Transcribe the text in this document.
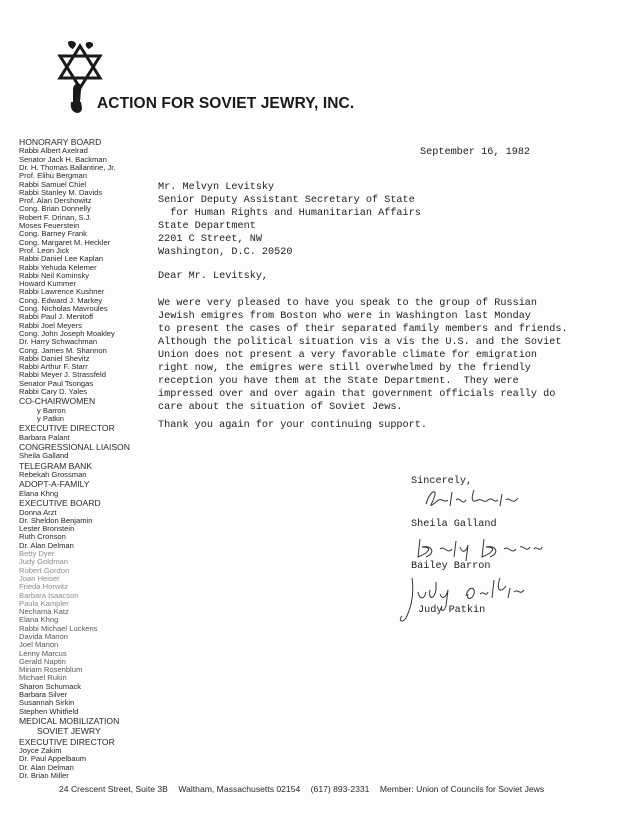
ACTION FOR SOVIET JEWRY, INC.
HONORARY BOARD
Rabbi Albert Axelrad
Senator Jack H. Backman
Dr. H. Thomas Ballantine, Jr.
Prof. Elihu Bergman
Rabbi Samuel Chiel
Rabbi Stanley M. Davids
Prof. Alan Dershowitz
Cong. Brian Donnelly
Robert F. Drinan, S.J.
Moses Feuerstein
Cong. Barney Frank
Cong. Margaret M. Heckler
Prof. Leon Jick
Rabbi Daniel Lee Kaplan
Rabbi Yehuda Kelemer
Rabbi Neil Kominsky
Howard Kummer
Rabbi Lawrence Kushner
Cong. Edward J. Markey
Cong. Nicholas Mavroules
Rabbi Paul J. Menitoff
Rabbi Joel Meyers
Cong. John Joseph Moakley
Dr. Harry Schwachman
Cong. James M. Shannon
Rabbi Daniel Shevitz
Rabbi Arthur F. Starr
Rabbi Meyer J. Strassfeld
Senator Paul Tsongas
Rabbi Cary D. Yales
CO-CHAIRWOMEN
y Barron
y Patkin
EXECUTIVE DIRECTOR
Barbara Palant
CONGRESSIONAL LIAISON
Sheila Galland
TELEGRAM BANK
Rebekah Grossman
ADOPT-A-FAMILY
Elana Khng
EXECUTIVE BOARD
Donna Arzt
Dr. Sheldon Benjamin
Lester Bronstein
Ruth Cronson
Dr. Alan Delman
Betty Dyer
Judy Goldman
Robert Gordon
Joan Heiser
Frieda Horwitz
Barbara Isaacson
Paula Kampler
Nechama Katz
Elana Khng
Rabbi Michael Luckens
Davida Manon
Joel Manon
Lenny Marcus
Gerald Naptin
Miriam Rosenblum
Michael Rukin
Sharon Schumack
Barbara Silver
Susannah Sirkin
Stephen Whitfield
MEDICAL MOBILIZATION
SOVIET JEWRY
EXECUTIVE DIRECTOR
Joyce Zakim
Dr. Paul Appelbaum
Dr. Alan Delman
Dr. Brian Miller
September 16, 1982
Mr. Melvyn Levitsky
Senior Deputy Assistant Secretary of State
for Human Rights and Humanitarian Affairs
State Department
2201 C Street, NW
Washington, D.C. 20520
Dear Mr. Levitsky,
We were very pleased to have you speak to the group of Russian
Jewish emigres from Boston who were in Washington last Monday
to present the cases of their separated family members and friends.
Although the political situation vis a vis the U.S. and the Soviet
Union does not present a very favorable climate for emigration
right now, the emigres were still overwhelmed by the friendly
reception you have them at the State Department.  They were
impressed over and over again that government officials really do
care about the situation of Soviet Jews.
Thank you again for your continuing support.
Sincerely,
Sheila Galland
Bailey Barron
Judy Patkin
24 Crescent Street, Suite 3B Waltham, Massachusetts 02154 (617) 893-2331 Member: Union of Councils for Soviet Jews
